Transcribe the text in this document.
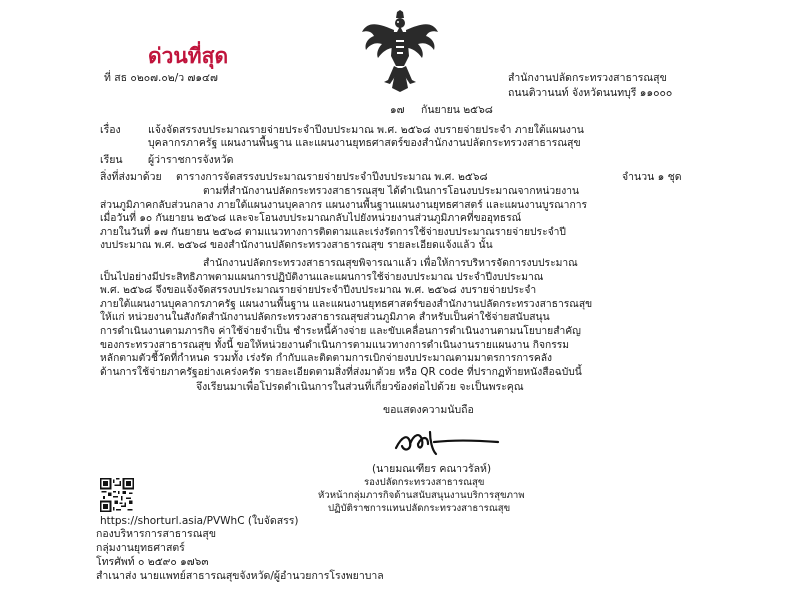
ด่วนที่สุด
ที่ สธ ๐๒๐๗.๐๒/ว ๗๑๔๗	สำนักงานปลัดกระทรวงสาธารณสุข
ถนนติวานนท์ จังหวัดนนทบุรี ๑๑๐๐๐
๑๗ กันยายน ๒๕๖๘
เรื่อง	แจ้งจัดสรรงบประมาณรายจ่ายประจำปีงบประมาณ พ.ศ. ๒๕๖๘ งบรายจ่ายประจำ ภายใต้แผนงาน
บุคลากรภาครัฐ แผนงานพื้นฐาน และแผนงานยุทธศาสตร์ของสำนักงานปลัดกระทรวงสาธารณสุข
เรียน ผู้ว่าราชการจังหวัด
สิ่งที่ส่งมาด้วย ตารางการจัดสรรงบประมาณรายจ่ายประจำปีงบประมาณ พ.ศ. ๒๕๖๘	จำนวน ๑ ชุด
ตามที่สำนักงานปลัดกระทรวงสาธารณสุข ได้ดำเนินการโอนงบประมาณจากหน่วยงาน
ส่วนภูมิภาคกลับส่วนกลาง ภายใต้แผนงานบุคลากร แผนงานพื้นฐานแผนงานยุทธศาสตร์ และแผนงานบูรณาการ
เมื่อวันที่ ๑๐ กันยายน ๒๕๖๘ และจะโอนงบประมาณกลับไปยังหน่วยงานส่วนภูมิภาคที่ขออุทธรณ์
ภายในวันที่ ๑๗ กันยายน ๒๕๖๘ ตามแนวทางการติดตามและเร่งรัดการใช้จ่ายงบประมาณรายจ่ายประจำปี
งบประมาณ พ.ศ. ๒๕๖๘ ของสำนักงานปลัดกระทรวงสาธารณสุข รายละเอียดแจ้งแล้ว นั้น
สำนักงานปลัดกระทรวงสาธารณสุขพิจารณาแล้ว เพื่อให้การบริหารจัดการงบประมาณ
เป็นไปอย่างมีประสิทธิภาพตามแผนการปฏิบัติงานและแผนการใช้จ่ายงบประมาณ ประจำปีงบประมาณ
พ.ศ. ๒๕๖๘ จึงขอแจ้งจัดสรรงบประมาณรายจ่ายประจำปีงบประมาณ พ.ศ. ๒๕๖๘ งบรายจ่ายประจำ
ภายใต้แผนงานบุคลากรภาครัฐ แผนงานพื้นฐาน และแผนงานยุทธศาสตร์ของสำนักงานปลัดกระทรวงสาธารณสุข
ให้แก่ หน่วยงานในสังกัดสำนักงานปลัดกระทรวงสาธารณสุขส่วนภูมิภาค สำหรับเป็นค่าใช้จ่ายสนับสนุน
การดำเนินงานตามภารกิจ ค่าใช้จ่ายจำเป็น ชำระหนี้ค้างจ่าย และขับเคลื่อนการดำเนินงานตามนโยบายสำคัญ
ของกระทรวงสาธารณสุข ทั้งนี้ ขอให้หน่วยงานดำเนินการตามแนวทางการดำเนินงานรายแผนงาน กิจกรรม
หลักตามตัวชี้วัดที่กำหนด รวมทั้ง เร่งรัด กำกับและติดตามการเบิกจ่ายงบประมาณตามมาตรการการคลัง
ด้านการใช้จ่ายภาครัฐอย่างเคร่งครัด รายละเอียดตามสิ่งที่ส่งมาด้วย หรือ QR code ที่ปรากฏท้ายหนังสือฉบับนี้
จึงเรียนมาเพื่อโปรดดำเนินการในส่วนที่เกี่ยวข้องต่อไปด้วย จะเป็นพระคุณ
ขอแสดงความนับถือ
(นายมณเฑียร คณาวรัลห์)
รองปลัดกระทรวงสาธารณสุข
หัวหน้ากลุ่มภารกิจด้านสนับสนุนงานบริการสุขภาพ
ปฏิบัติราชการแทนปลัดกระทรวงสาธารณสุข
https://shorturl.asia/PVWhC (ใบจัดสรร)
กองบริหารการสาธารณสุข
กลุ่มงานยุทธศาสตร์
โทรศัพท์ ๐ ๒๕๙๐ ๑๗๖๓
สำเนาส่ง นายแพทย์สาธารณสุขจังหวัด/ผู้อำนวยการโรงพยาบาล
